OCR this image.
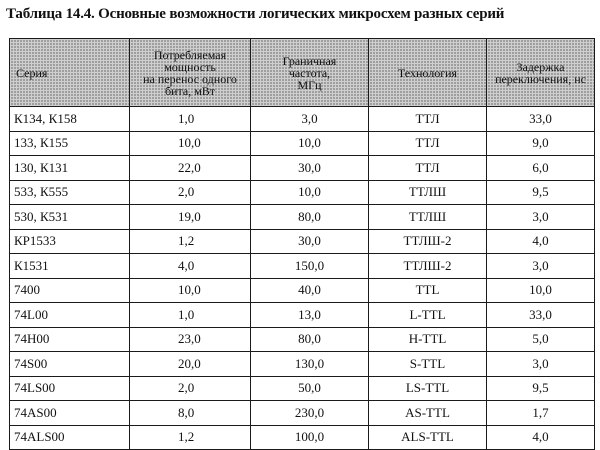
Таблица 14.4. Основные возможности логических микросхем разных серий
Серия	Потребляемая
мощность
на перенос одного
бита, мВт	Граничная
частота,
МГц	Технология	Задержка
переключения, нс

К134, К158	1,0	3,0	ТТЛ	33,0
133, К155	10,0	10,0	ТТЛ	9,0
130, К131	22,0	30,0	ТТЛ	6,0
533, К555	2,0	10,0	ТТЛШ	9,5
530, К531	19,0	80,0	ТТЛШ	3,0
КР1533	1,2	30,0	ТТЛШ-2	4,0
К1531	4,0	150,0	ТТЛШ-2	3,0
7400	10,0	40,0	TTL	10,0
74L00	1,0	13,0	L-TTL	33,0
74H00	23,0	80,0	H-TTL	5,0
74S00	20,0	130,0	S-TTL	3,0
74LS00	2,0	50,0	LS-TTL	9,5
74AS00	8,0	230,0	AS-TTL	1,7
74ALS00	1,2	100,0	ALS-TTL	4,0
